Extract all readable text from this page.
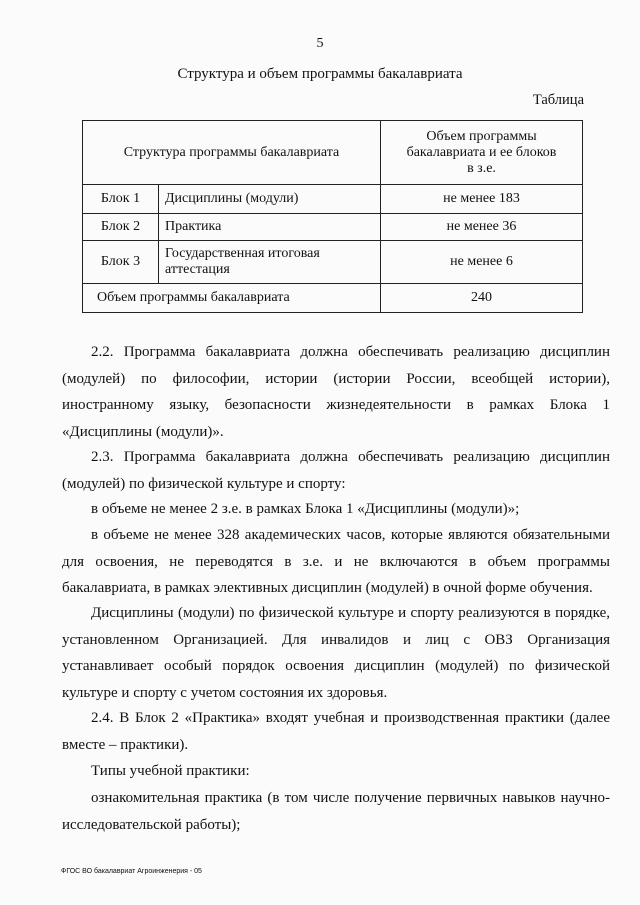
5
Структура и объем программы бакалавриата
Таблица
Структура программы бакалавриата		Объем программы бакалавриата и ее блоков в з.е.

Блок 1	Дисциплины (модули)	не менее 183
Блок 2	Практика	не менее 36
Блок 3	Государственная итоговая аттестация	не менее 6
Объем программы бакалавриата		240

2.2. Программа бакалавриата должна обеспечивать реализацию дисциплин (модулей) по философии, истории (истории России, всеобщей истории), иностранному языку, безопасности жизнедеятельности в рамках Блока 1 «Дисциплины (модули)».

2.3. Программа бакалавриата должна обеспечивать реализацию дисциплин (модулей) по физической культуре и спорту:

в объеме не менее 2 з.е. в рамках Блока 1 «Дисциплины (модули)»;

в объеме не менее 328 академических часов, которые являются обязательными для освоения, не переводятся в з.е. и не включаются в объем программы бакалавриата, в рамках элективных дисциплин (модулей) в очной форме обучения.

Дисциплины (модули) по физической культуре и спорту реализуются в порядке, установленном Организацией. Для инвалидов и лиц с ОВЗ Организация устанавливает особый порядок освоения дисциплин (модулей) по физической культуре и спорту с учетом состояния их здоровья.

2.4. В Блок 2 «Практика» входят учебная и производственная практики (далее вместе – практики).

Типы учебной практики:

ознакомительная практика (в том числе получение первичных навыков научно-исследовательской работы);

ФГОС ВО бакалавриат Агроинженерия - 05
